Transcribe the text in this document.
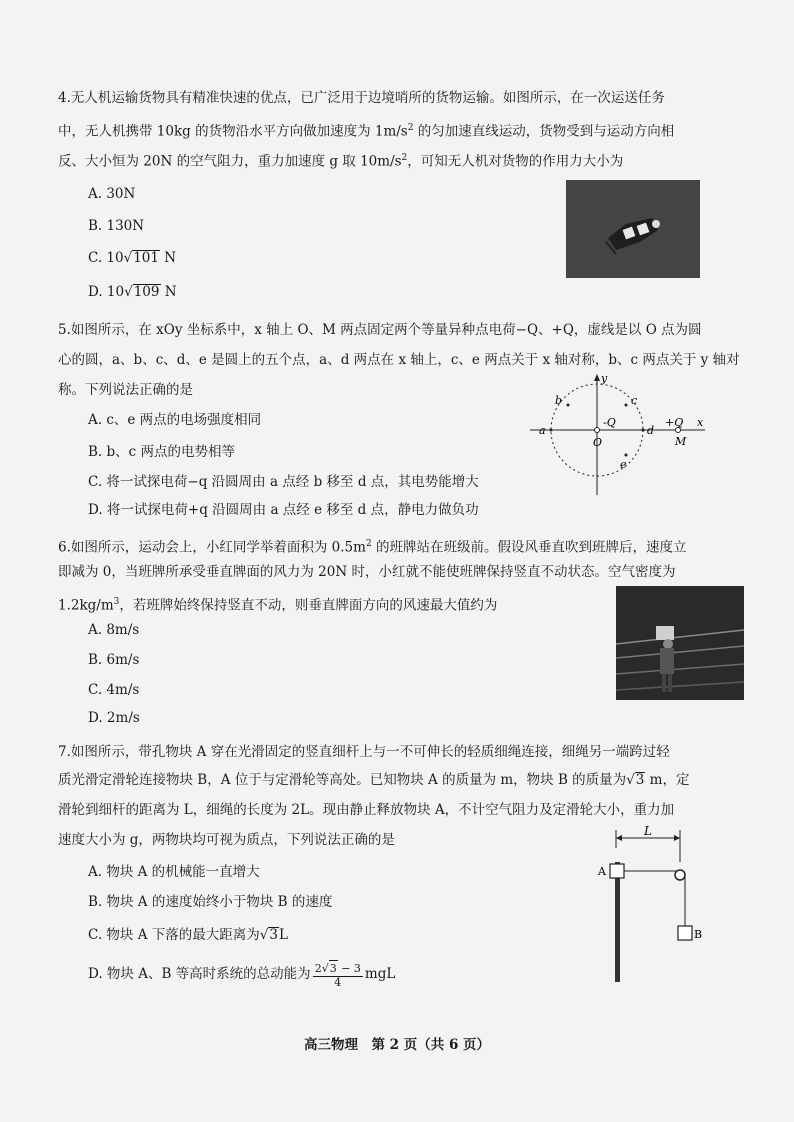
4.无人机运输货物具有精准快速的优点，已广泛用于边境哨所的货物运输。如图所示，在一次运送任务
中，无人机携带 10kg 的货物沿水平方向做加速度为 $1m/s^2$ 的匀加速直线运动，货物受到与运动方向相
反、大小恒为 20N 的空气阻力，重力加速度 g 取 $10m/s^2$，可知无人机对货物的作用力大小为
A. 30N
B. 130N
C. 10√101 N
D. 10√109 N
5.如图所示，在 xOy 坐标系中，x 轴上 O、M 两点固定两个等量异种点电荷−Q、+Q，虚线是以 O 点为圆
心的圆，a、b、c、d、e 是圆上的五个点，a、d 两点在 x 轴上，c、e 两点关于 x 轴对称，b、c 两点关于 y 轴对
称。下列说法正确的是
A. c、e 两点的电场强度相同
B. b、c 两点的电势相等
C. 将一试探电荷−q 沿圆周由 a 点经 b 移至 d 点，其电势能增大
D. 将一试探电荷+q 沿圆周由 a 点经 e 移至 d 点，静电力做负功
y
x
a
b	c
d
e
-Q	+Q
O	M
6.如图所示，运动会上，小红同学举着面积为 $0.5m^2$ 的班牌站在班级前。假设风垂直吹到班牌后，速度立
即减为 0，当班牌所承受垂直牌面的风力为 20N 时，小红就不能使班牌保持竖直不动状态。空气密度为
$1.2kg/m^3$，若班牌始终保持竖直不动，则垂直牌面方向的风速最大值约为
A. 8m/s
B. 6m/s
C. 4m/s
D. 2m/s
7.如图所示，带孔物块 A 穿在光滑固定的竖直细杆上与一不可伸长的轻质细绳连接，细绳另一端跨过轻
质光滑定滑轮连接物块 B，A 位于与定滑轮等高处。已知物块 A 的质量为 m，物块 B 的质量为√3 m，定
滑轮到细杆的距离为 L，细绳的长度为 2L。现由静止释放物块 A，不计空气阻力及定滑轮大小，重力加
速度大小为 g，两物块均可视为质点，下列说法正确的是
A. 物块 A 的机械能一直增大
B. 物块 A 的速度始终小于物块 B 的速度
C. 物块 A 下落的最大距离为√3L
D. 物块 A、B 等高时系统的总动能为 $\frac{2√3 - 3}{4}$ mgL
L
A
B
高三物理　第 2 页（共 6 页）
